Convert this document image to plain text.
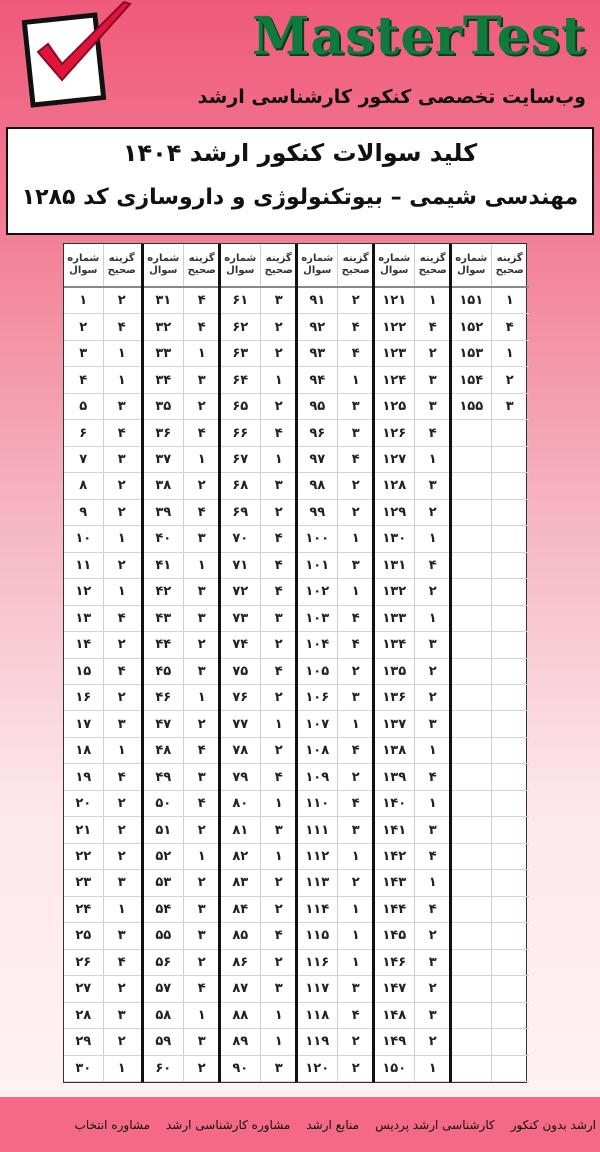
MasterTest
وب‌سایت تخصصی کنکور کارشناسی ارشد
کلید سوالات کنکور ارشد ۱۴۰۴
مهندسی شیمی – بیوتکنولوژی و داروسازی کد ۱۲۸۵
شماره
سوال
گزینه
صحیح
۱	۲
۲	۴
۳	۱
۴	۱
۵	۳
۶	۴
۷	۳
۸	۲
۹	۲
۱۰	۱
۱۱	۲
۱۲	۱
۱۳	۴
۱۴	۲
۱۵	۴
۱۶	۲
۱۷	۳
۱۸	۱
۱۹	۴
۲۰	۲
۲۱	۲
۲۲	۲
۲۳	۳
۲۴	۱
۲۵	۳
۲۶	۴
۲۷	۲
۲۸	۳
۲۹	۲
۳۰	۱
شماره
سوال
گزینه
صحیح
۳۱	۴
۳۲	۴
۳۳	۱
۳۴	۳
۳۵	۲
۳۶	۴
۳۷	۱
۳۸	۲
۳۹	۴
۴۰	۳
۴۱	۱
۴۲	۳
۴۳	۳
۴۴	۲
۴۵	۳
۴۶	۱
۴۷	۲
۴۸	۴
۴۹	۳
۵۰	۴
۵۱	۲
۵۲	۱
۵۳	۲
۵۴	۳
۵۵	۳
۵۶	۲
۵۷	۴
۵۸	۱
۵۹	۳
۶۰	۲
شماره
سوال
گزینه
صحیح
۶۱	۳
۶۲	۲
۶۳	۲
۶۴	۱
۶۵	۲
۶۶	۴
۶۷	۱
۶۸	۳
۶۹	۲
۷۰	۴
۷۱	۴
۷۲	۴
۷۳	۳
۷۴	۲
۷۵	۴
۷۶	۲
۷۷	۱
۷۸	۲
۷۹	۴
۸۰	۱
۸۱	۳
۸۲	۱
۸۳	۲
۸۴	۲
۸۵	۴
۸۶	۲
۸۷	۳
۸۸	۱
۸۹	۱
۹۰	۳
شماره
سوال
گزینه
صحیح
۹۱	۲
۹۲	۴
۹۳	۴
۹۴	۱
۹۵	۳
۹۶	۳
۹۷	۴
۹۸	۲
۹۹	۲
۱۰۰	۱
۱۰۱	۳
۱۰۲	۱
۱۰۳	۴
۱۰۴	۴
۱۰۵	۲
۱۰۶	۳
۱۰۷	۱
۱۰۸	۴
۱۰۹	۲
۱۱۰	۴
۱۱۱	۳
۱۱۲	۱
۱۱۳	۲
۱۱۴	۱
۱۱۵	۱
۱۱۶	۱
۱۱۷	۳
۱۱۸	۴
۱۱۹	۲
۱۲۰	۲
شماره
سوال
گزینه
صحیح
۱۲۱	۱
۱۲۲	۴
۱۲۳	۲
۱۲۴	۳
۱۲۵	۳
۱۲۶	۴
۱۲۷	۱
۱۲۸	۳
۱۲۹	۲
۱۳۰	۱
۱۳۱	۴
۱۳۲	۲
۱۳۳	۱
۱۳۴	۳
۱۳۵	۲
۱۳۶	۲
۱۳۷	۳
۱۳۸	۱
۱۳۹	۴
۱۴۰	۱
۱۴۱	۳
۱۴۲	۴
۱۴۳	۱
۱۴۴	۴
۱۴۵	۲
۱۴۶	۳
۱۴۷	۲
۱۴۸	۳
۱۴۹	۲
۱۵۰	۱
شماره
سوال
گزینه
صحیح
۱۵۱	۱
۱۵۲	۴
۱۵۳	۱
۱۵۴	۲
۱۵۵	۳
ارشد بدون کنکور
کارشناسی ارشد پردیس
منابع ارشد
مشاوره کارشناسی ارشد
مشاوره انتخاب
